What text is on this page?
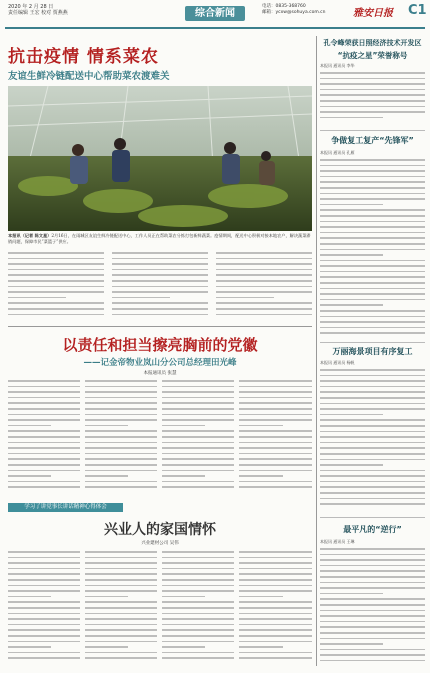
2020 年 2 月 28 日
责任编辑 王宏 校对 贾燕燕	综合新闻
电话：0835-368760
邮箱：ycxw@sohuya.com.cn	雅安日报 C1
抗击疫情 情系菜农
友谊生鲜冷链配送中心帮助菜农渡难关
本报讯（记者 陈文星）2月16日，在雨城区友谊生鲜冷链配送中心，工作人员正在帮助菜农分拣打包新鲜蔬菜。疫情期间，配送中心积极对接本地农户，解决蔬菜滞销问题，保障市民“菜篮子”供应。
以责任和担当擦亮胸前的党徽
——记金帝物业岚山分公司总经理田光峰
本报通讯员 张慧
学习了讲党事长讲话精神心得体会
兴业人的家国情怀
兴业建材公司 吴伟
孔令峰荣获日照经济技术开发区
“抗疫之星”荣誉称号
本报讯 通讯员 李华
争做复工复产“先锋军”
本报讯 通讯员 孔雁
万丽海景项目有序复工
本报讯 通讯员 杨帆
最平凡的“逆行”
本报讯 通讯员 王琳
